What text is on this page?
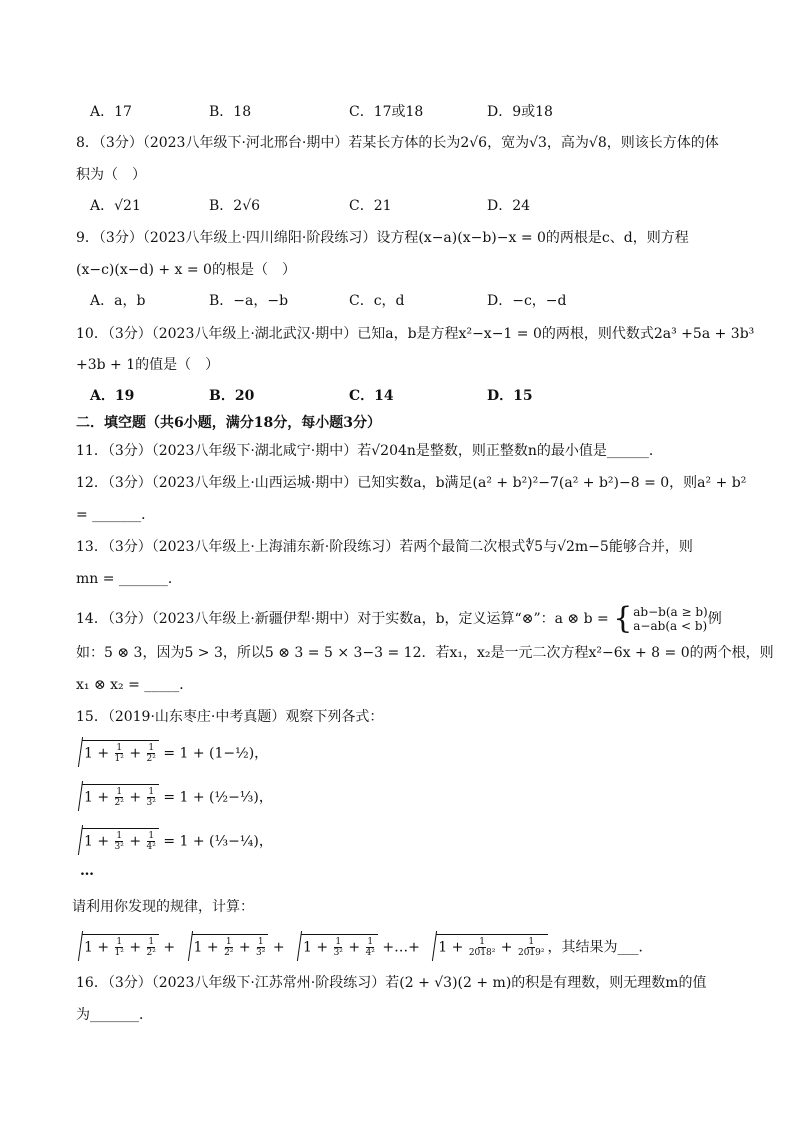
A．17	B．18	C．17或18	D．9或18
8．（3分）（2023八年级下·河北邢台·期中）若某长方体的长为2√6，宽为√3，高为√8，则该长方体的体
积为（　）
A．√21	B．2√6	C．21	D．24
9．（3分）（2023八年级上·四川绵阳·阶段练习）设方程(x−a)(x−b)−x = 0的两根是c、d，则方程
(x−c)(x−d) + x = 0的根是（　）
A．a，b	B．−a，−b	C．c，d	D．−c，−d
10．（3分）（2023八年级上·湖北武汉·期中）已知a，b是方程x²−x−1 = 0的两根，则代数式2a³ +5a + 3b³
+3b + 1的值是（　）
A．19	B．20	C．14	D．15
二．填空题（共6小题，满分18分，每小题3分）
11．（3分）（2023八年级下·湖北咸宁·期中）若√204n是整数，则正整数n的最小值是______．
12．（3分）（2023八年级上·山西运城·期中）已知实数a，b满足(a² + b²)²−7(a² + b²)−8 = 0，则a² + b²
= _______．
13．（3分）（2023八年级上·上海浦东新·阶段练习）若两个最简二次根式∜5与√2m−5能够合并，则
mn = _______．
14．（3分）（2023八年级上·新疆伊犁·期中）对于实数a，b，定义运算“⊗”：a ⊗ b = { ab−b(a ≥ b)
a−ab(a < b) 例
如：5 ⊗ 3，因为5 > 3，所以5 ⊗ 3 = 5 × 3−3 = 12．若x₁，x₂是一元二次方程x²−6x + 8 = 0的两个根，则
x₁ ⊗ x₂ = _____．
15．（2019·山东枣庄·中考真题）观察下列各式：
$1 + \frac{1}{\text{1²}} + \frac{1}{\text{2²}} = 1$ + (1−½)，
$1 + \frac{1}{\text{2²}} + \frac{1}{\text{3²}} = 1$ + (½−⅓)，
$1 + \frac{1}{\text{3²}} + \frac{1}{\text{4²}} = 1$ + (⅓−¼)，
…
请利用你发现的规律，计算：
$1 + \frac{1}{\text{1²}} + \frac{1}{\text{2²}} + 1 + \frac{1}{\text{2²}} + \frac{1}{\text{3²}} + 1 + \frac{1}{\text{3²}} + \frac{1}{\text{4²}}$ +…+ $1 + \frac{1}{\text{2018²}} + \frac{1}{\text{2019²}}$ ，其结果为___．
16．（3分）（2023八年级下·江苏常州·阶段练习）若(2 + √3)(2 + m)的积是有理数，则无理数m的值
为_______．
